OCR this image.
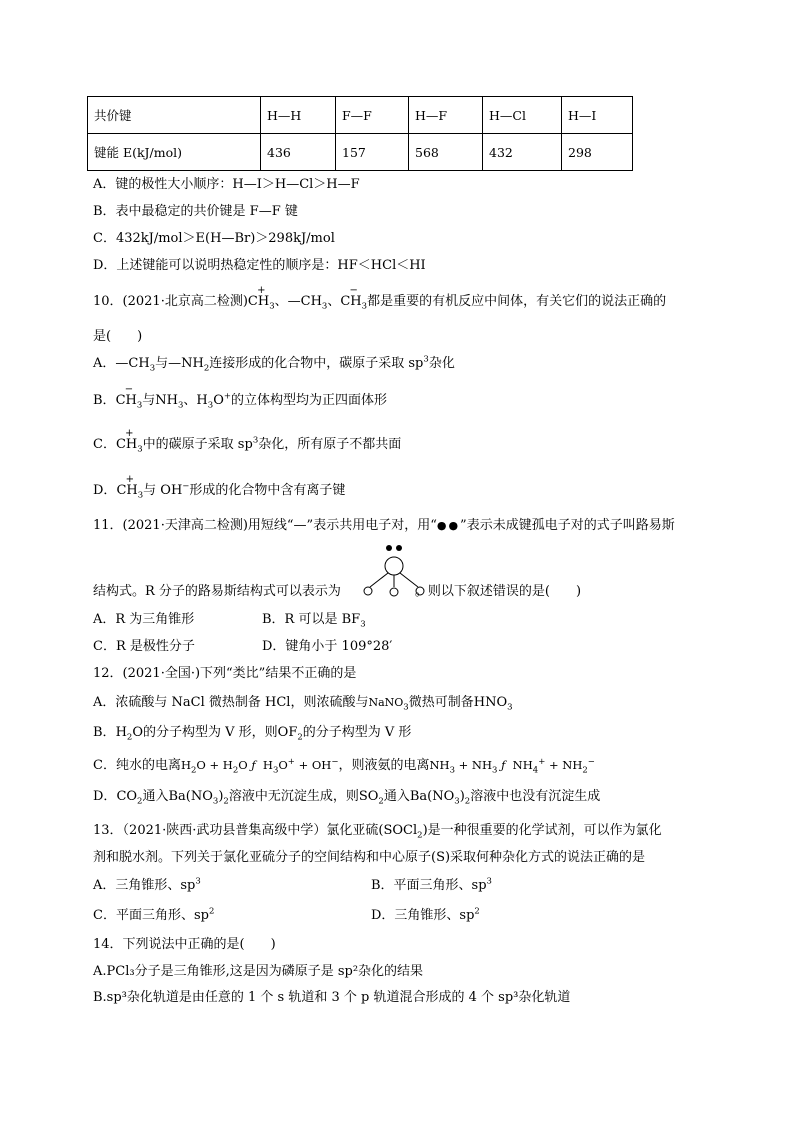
共价键	H—H	F—F	H—F	H—Cl	H—I
键能 E(kJ/mol)	436	157	568	432	298
A．键的极性大小顺序：H—I＞H—Cl＞H—F
B．表中最稳定的共价键是 F—F 键
C．432kJ/mol＞E(H—Br)＞298kJ/mol
D．上述键能可以说明热稳定性的顺序是：HF＜HCl＜HI
10．(2021·北京高二检测)$CH_3$
+
、$—CH_3$、$CH_3$
−
都是重要的有机反应中间体，有关它们的说法正确的
是(　　)
A．$—CH_3$与$—NH_2$连接形成的化合物中，碳原子采取 $sp^3$杂化
B．$CH_3$
−
与$NH_3$、$H_3O^+$的立体构型均为正四面体形
C．$CH_3$
+
中的碳原子采取 $sp^3$杂化，所有原子不都共面
D．$CH_3$
+
与 OH−形成的化合物中含有离子键
11．(2021·天津高二检测)用短线“—”表示共用电子对，用“●●”表示未成键孤电子对的式子叫路易斯
结构式。R 分子的路易斯结构式可以表示为	。则以下叙述错误的是(　　)
A．R 为三角锥形	B．R 可以是 $BF_3$
C．R 是极性分子	D．键角小于 109°28′
12．(2021·全国·)下列“类比”结果不正确的是
A．浓硫酸与 NaCl 微热制备 HCl，则浓硫酸与NaNO$_3$微热可制备$HNO_3$
B．$H_2O$的分子构型为 V 形，则$OF_2$的分子构型为 V 形
C．纯水的电离$H_2O + H_2O$ ƒ  $H_3O^+ + OH^-$，则液氨的电离$NH_3 + NH_3$ ƒ  $NH_4^+ + NH_2^-$
D．$CO_2$通入$Ba(NO_3)_2$溶液中无沉淀生成，则$SO_2$通入$Ba(NO_3)_2$溶液中也没有沉淀生成
13．（2021·陕西·武功县普集高级中学）氯化亚硫(SOCl$_2$)是一种很重要的化学试剂，可以作为氯化
剂和脱水剂。下列关于氯化亚硫分子的空间结构和中心原子(S)采取何种杂化方式的说法正确的是
A．三角锥形、$sp^3$	B．平面三角形、$sp^3$
C．平面三角形、$sp^2$	D．三角锥形、$sp^2$
14．下列说法中正确的是(　　)
A.PCl₃分子是三角锥形,这是因为磷原子是 sp²杂化的结果
B.sp³杂化轨道是由任意的 1 个 s 轨道和 3 个 p 轨道混合形成的 4 个 sp³杂化轨道
